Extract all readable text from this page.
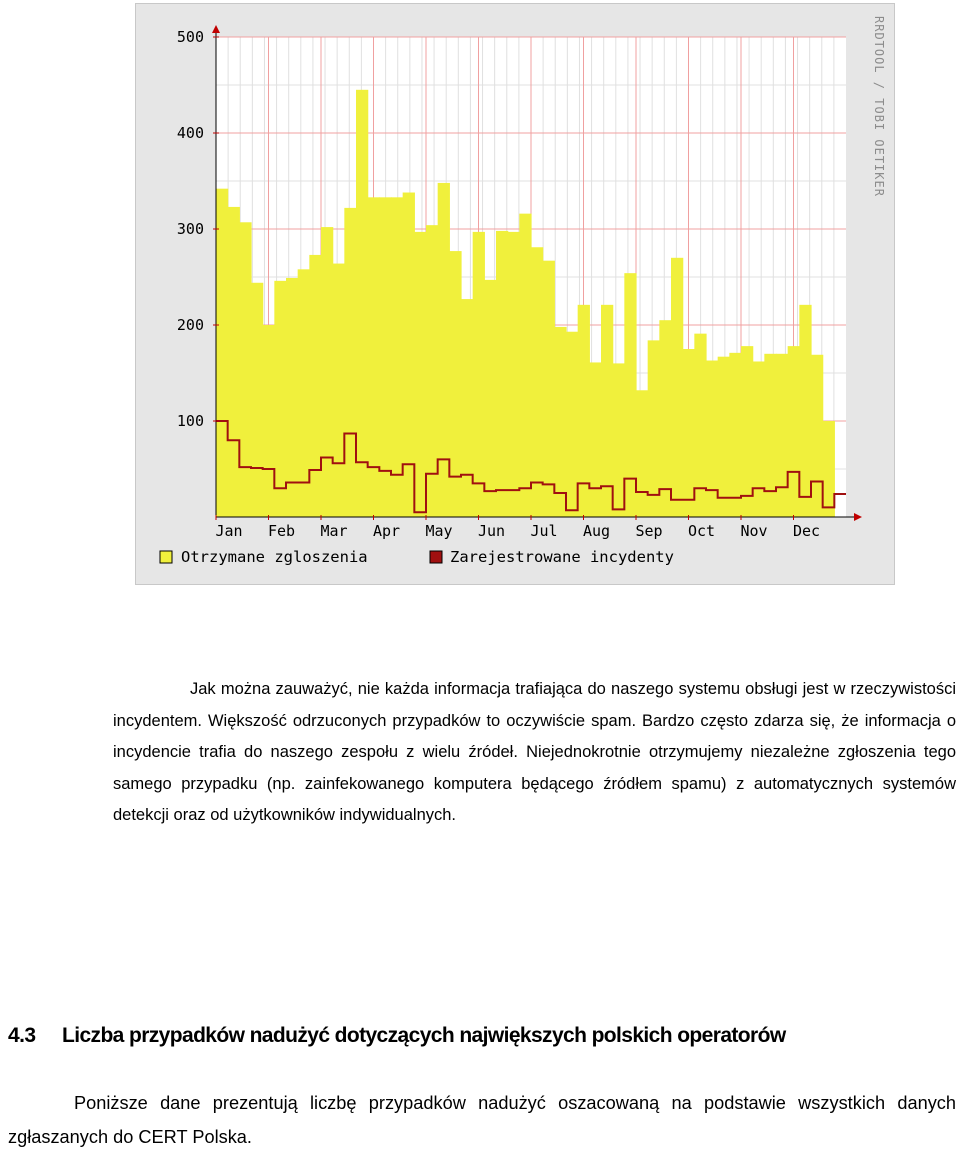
100
200
300
400
500
Jan Feb Mar Apr May Jun Jul Aug Sep Oct Nov Dec
RRDTOOL / TOBI OETIKER
Otrzymane zgloszenia	Zarejestrowane incydenty

Jak można zauważyć, nie każda informacja trafiająca do naszego systemu obsługi jest w rzeczywistości incydentem. Większość odrzuconych przypadków to oczywiście spam. Bardzo często zdarza się, że informacja o incydencie trafia do naszego zespołu z wielu źródeł. Niejednokrotnie otrzymujemy niezależne zgłoszenia tego samego przypadku (np. zainfekowanego komputera będącego źródłem spamu) z automatycznych systemów detekcji oraz od użytkowników indywidualnych.

4.3 Liczba przypadków nadużyć dotyczących największych polskich operatorów

Poniższe dane prezentują liczbę przypadków nadużyć oszacowaną na podstawie wszystkich danych zgłaszanych do CERT Polska.
